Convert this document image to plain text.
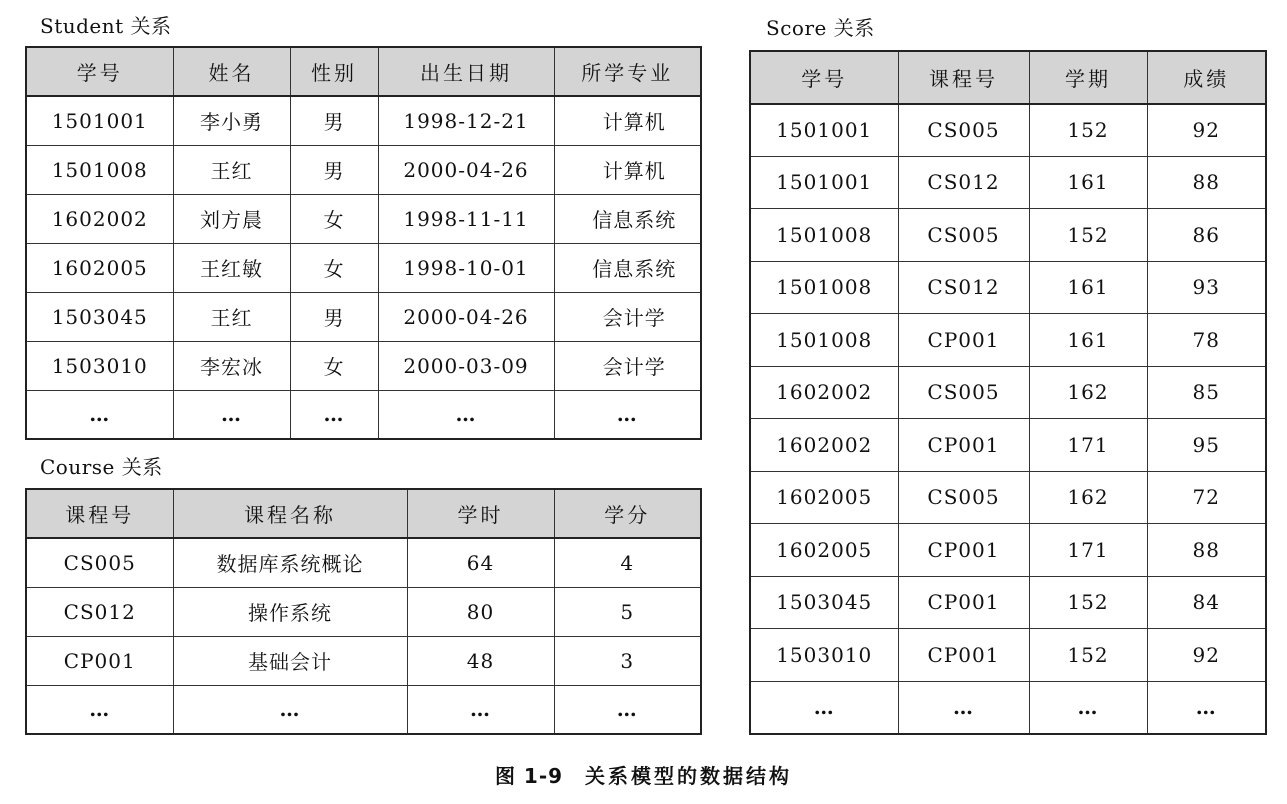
Student 关系
学号	姓名	性别	出生日期	所学专业
1501001	李小勇	男	1998-12-21	计算机
1501008	王红	男	2000-04-26	计算机
1602002	刘方晨	女	1998-11-11	信息系统
1602005	王红敏	女	1998-10-01	信息系统
1503045	王红	男	2000-04-26	会计学
1503010	李宏冰	女	2000-03-09	会计学
…	…	…	…	…
Course 关系
课程号	课程名称	学时	学分
CS005	数据库系统概论	64	4
CS012	操作系统	80	5
CP001	基础会计	48	3
…	…	…	…
Score 关系
学号	课程号	学期	成绩
1501001	CS005	152	92
1501001	CS012	161	88
1501008	CS005	152	86
1501008	CS012	161	93
1501008	CP001	161	78
1602002	CS005	162	85
1602002	CP001	171	95
1602005	CS005	162	72
1602005	CP001	171	88
1503045	CP001	152	84
1503010	CP001	152	92
…	…	…	…
图 1-9 关系模型的数据结构
